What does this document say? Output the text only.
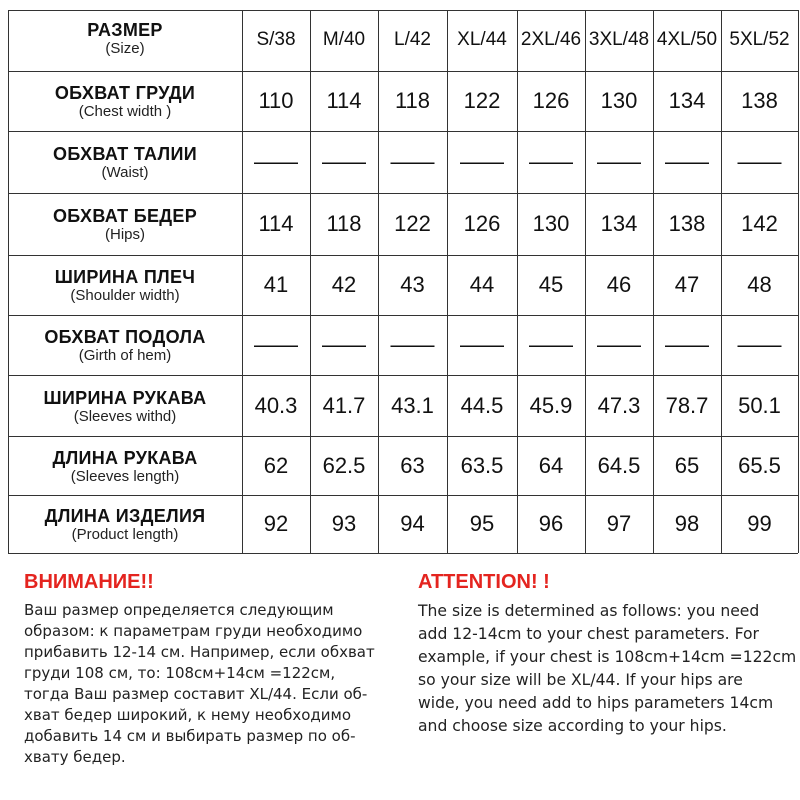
РАЗМЕР
(Size)	S/38	M/40	L/42	XL/44 2XL/46 3XL/48 4XL/50 5XL/52
ОБХВАТ ГРУДИ
(Chest width )	110	114	118	122	126	130	134	138
ОБХВАТ ТАЛИИ
(Waist)	——	——	——	——	——	——	——	——
ОБХВАТ БЕДЕР
(Hips)	114	118	122	126	130	134	138	142
ШИРИНА ПЛЕЧ
(Shoulder width)	41	42	43	44	45	46	47	48
ОБХВАТ ПОДОЛА
(Girth of hem)	——	——	——	——	——	——	——	——
ШИРИНА РУКАВА
(Sleeves withd)	40.3	41.7	43.1	44.5	45.9	47.3	78.7	50.1
ДЛИНА РУКАВА
(Sleeves length)	62	62.5	63	63.5	64	64.5	65	65.5
ДЛИНА ИЗДЕЛИЯ
(Product length)	92	93	94	95	96	97	98	99
ВНИМАНИЕ!!
Ваш размер определяется следующим
образом: к параметрам груди необходимо
прибавить 12-14 см. Например, если обхват
груди 108 см, то: 108см+14см =122см,
тогда Ваш размер составит XL/44. Если об-
хват бедер широкий, к нему необходимо
добавить 14 см и выбирать размер по об-
хвату бедер.
ATTENTION! !
The size is determined as follows: you need
add 12-14cm to your chest parameters. For
example, if your chest is 108cm+14cm =122cm
so your size will be XL/44. If your hips are
wide, you need add to hips parameters 14cm
and choose size according to your hips.
